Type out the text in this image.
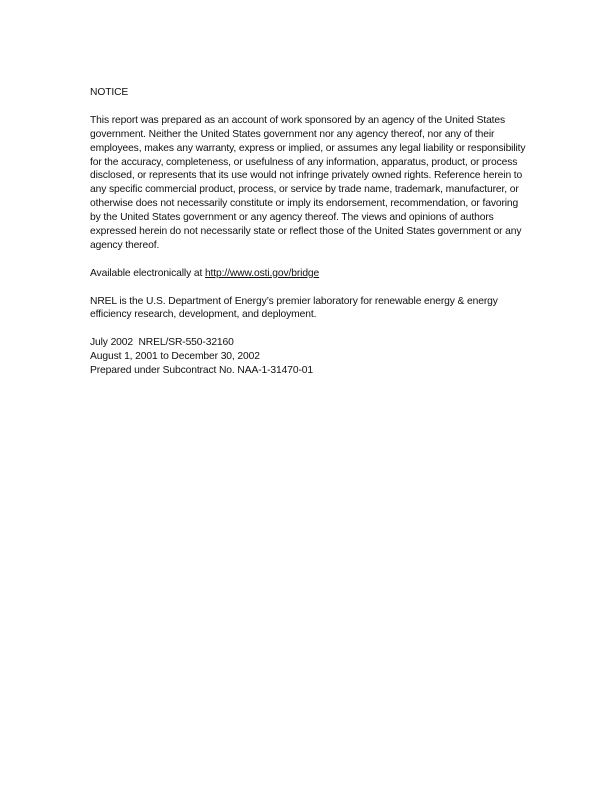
NOTICE
This report was prepared as an account of work sponsored by an agency of the United States
government. Neither the United States government nor any agency thereof, nor any of their
employees, makes any warranty, express or implied, or assumes any legal liability or responsibility
for the accuracy, completeness, or usefulness of any information, apparatus, product, or process
disclosed, or represents that its use would not infringe privately owned rights. Reference herein to
any specific commercial product, process, or service by trade name, trademark, manufacturer, or
otherwise does not necessarily constitute or imply its endorsement, recommendation, or favoring
by the United States government or any agency thereof. The views and opinions of authors
expressed herein do not necessarily state or reflect those of the United States government or any
agency thereof.
Available electronically at http://www.osti.gov/bridge
NREL is the U.S. Department of Energy’s premier laboratory for renewable energy & energy
efficiency research, development, and deployment.
July 2002  NREL/SR-550-32160
August 1, 2001 to December 30, 2002
Prepared under Subcontract No. NAA-1-31470-01
